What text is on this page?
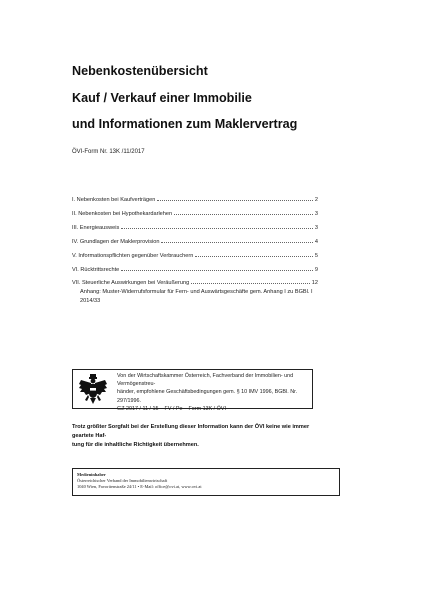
Nebenkostenübersicht
Kauf / Verkauf einer Immobilie
und Informationen zum Maklervertrag
ÖVI-Form Nr. 13K /11/2017
I. Nebenkosten bei Kaufverträgen	2
II. Nebenkosten bei Hypothekardarlehen	3
III. Energieausweis	3
IV. Grundlagen der Maklerprovision	4
V. Informationspflichten gegenüber Verbrauchern	5
VI. Rücktrittsrechte	9
VII. Steuerliche Auswirkungen bei Veräußerung	12
Anhang: Muster-Widerrufsformular für Fern- und Auswärtsgeschäfte gem. Anhang I zu BGBl. I 2014/33
Von der Wirtschaftskammer Österreich, Fachverband der Immobilien- und Vermögenstreu-
händer, empfohlene Geschäftsbedingungen gem. § 10 IMV 1996, BGBl. Nr. 297/1996.
GZ 2017 / 11 / 15 – FV / Pe – Form 13K / ÖVI
Trotz größter Sorgfalt bei der Erstellung dieser Information kann der ÖVI keine wie immer geartete Haf-
tung für die inhaltliche Richtigkeit übernehmen.
Medieninhaber
Österreichischer Verband der Immobilienwirtschaft
1040 Wien, Favoritenstraße 24/11 • E-Mail: office@ovi.at, www.ovi.at
